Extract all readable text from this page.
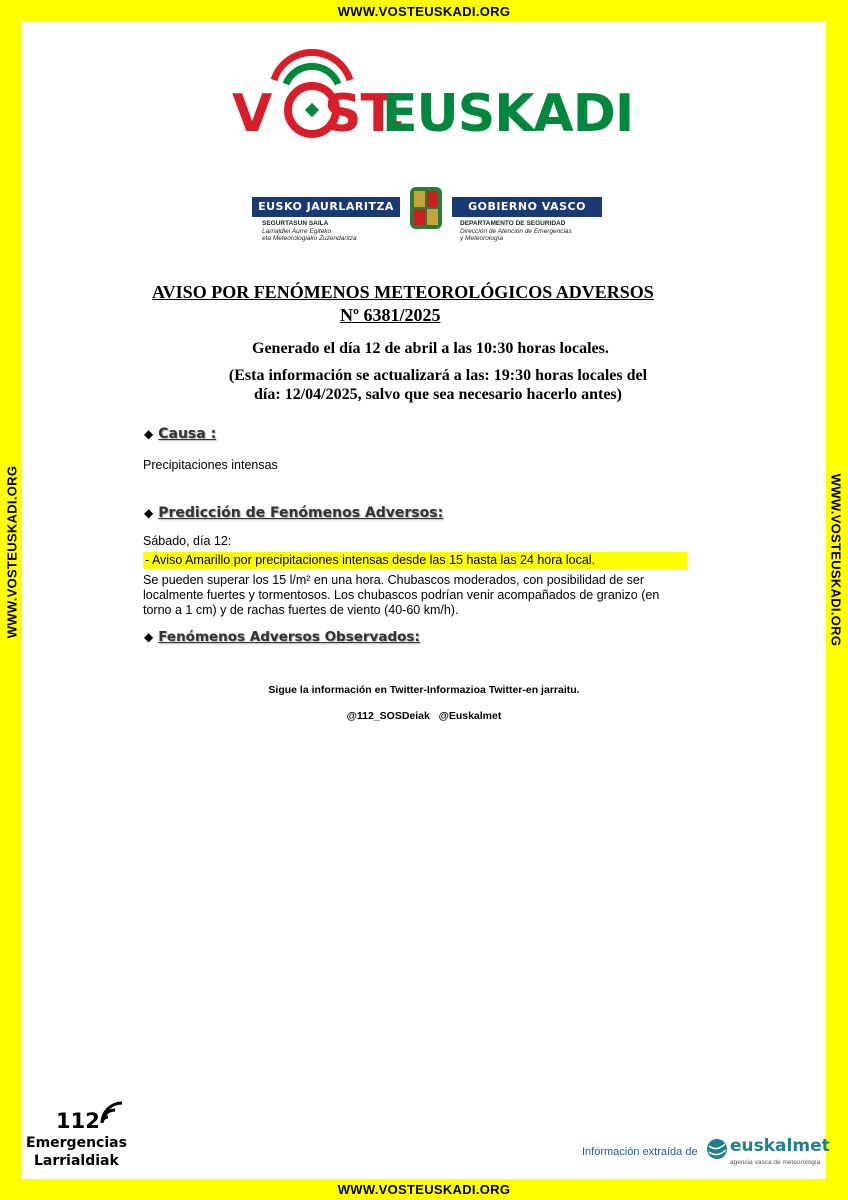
WWW.VOSTEUSKADI.ORG
WWW.VOSTEUSKADI.ORG	WWW.VOSTEUSKADI.ORG
WWW.VOSTEUSKADI.ORG
V ST.
EUSKADI
EUSKO JAURLARITZA	GOBIERNO VASCO
SEGURTASUN SAILA
Larrialdiei Aurre Egiteko
eta Meteorologiako Zuzendaritza
DEPARTAMENTO DE SEGURIDAD
Dirección de Atención de Emergencias
y Meteorología
AVISO POR FENÓMENOS METEOROLÓGICOS ADVERSOS
Nº 6381/2025
Generado el día 12 de abril a las 10:30 horas locales.
(Esta información se actualizará a las: 19:30 horas locales del
día: 12/04/2025, salvo que sea necesario hacerlo antes)
◆ Causa :
Precipitaciones intensas
◆ Predicción de Fenómenos Adversos:
Sábado, día 12:
- Aviso Amarillo por precipitaciones intensas desde las 15 hasta las 24 hora local.
Se pueden superar los 15 l/m² en una hora. Chubascos moderados, con posibilidad de ser
localmente fuertes y tormentosos. Los chubascos podrían venir acompañados de granizo (en
torno a 1 cm) y de rachas fuertes de viento (40-60 km/h).
◆ Fenómenos Adversos Observados:
Sigue la información en Twitter-Informazioa Twitter-en jarraitu.
@112_SOSDeiak   @Euskalmet
112
Emergencias
Larrialdiak
Información extraída de euskalmet
agencia vasca de meteorología
